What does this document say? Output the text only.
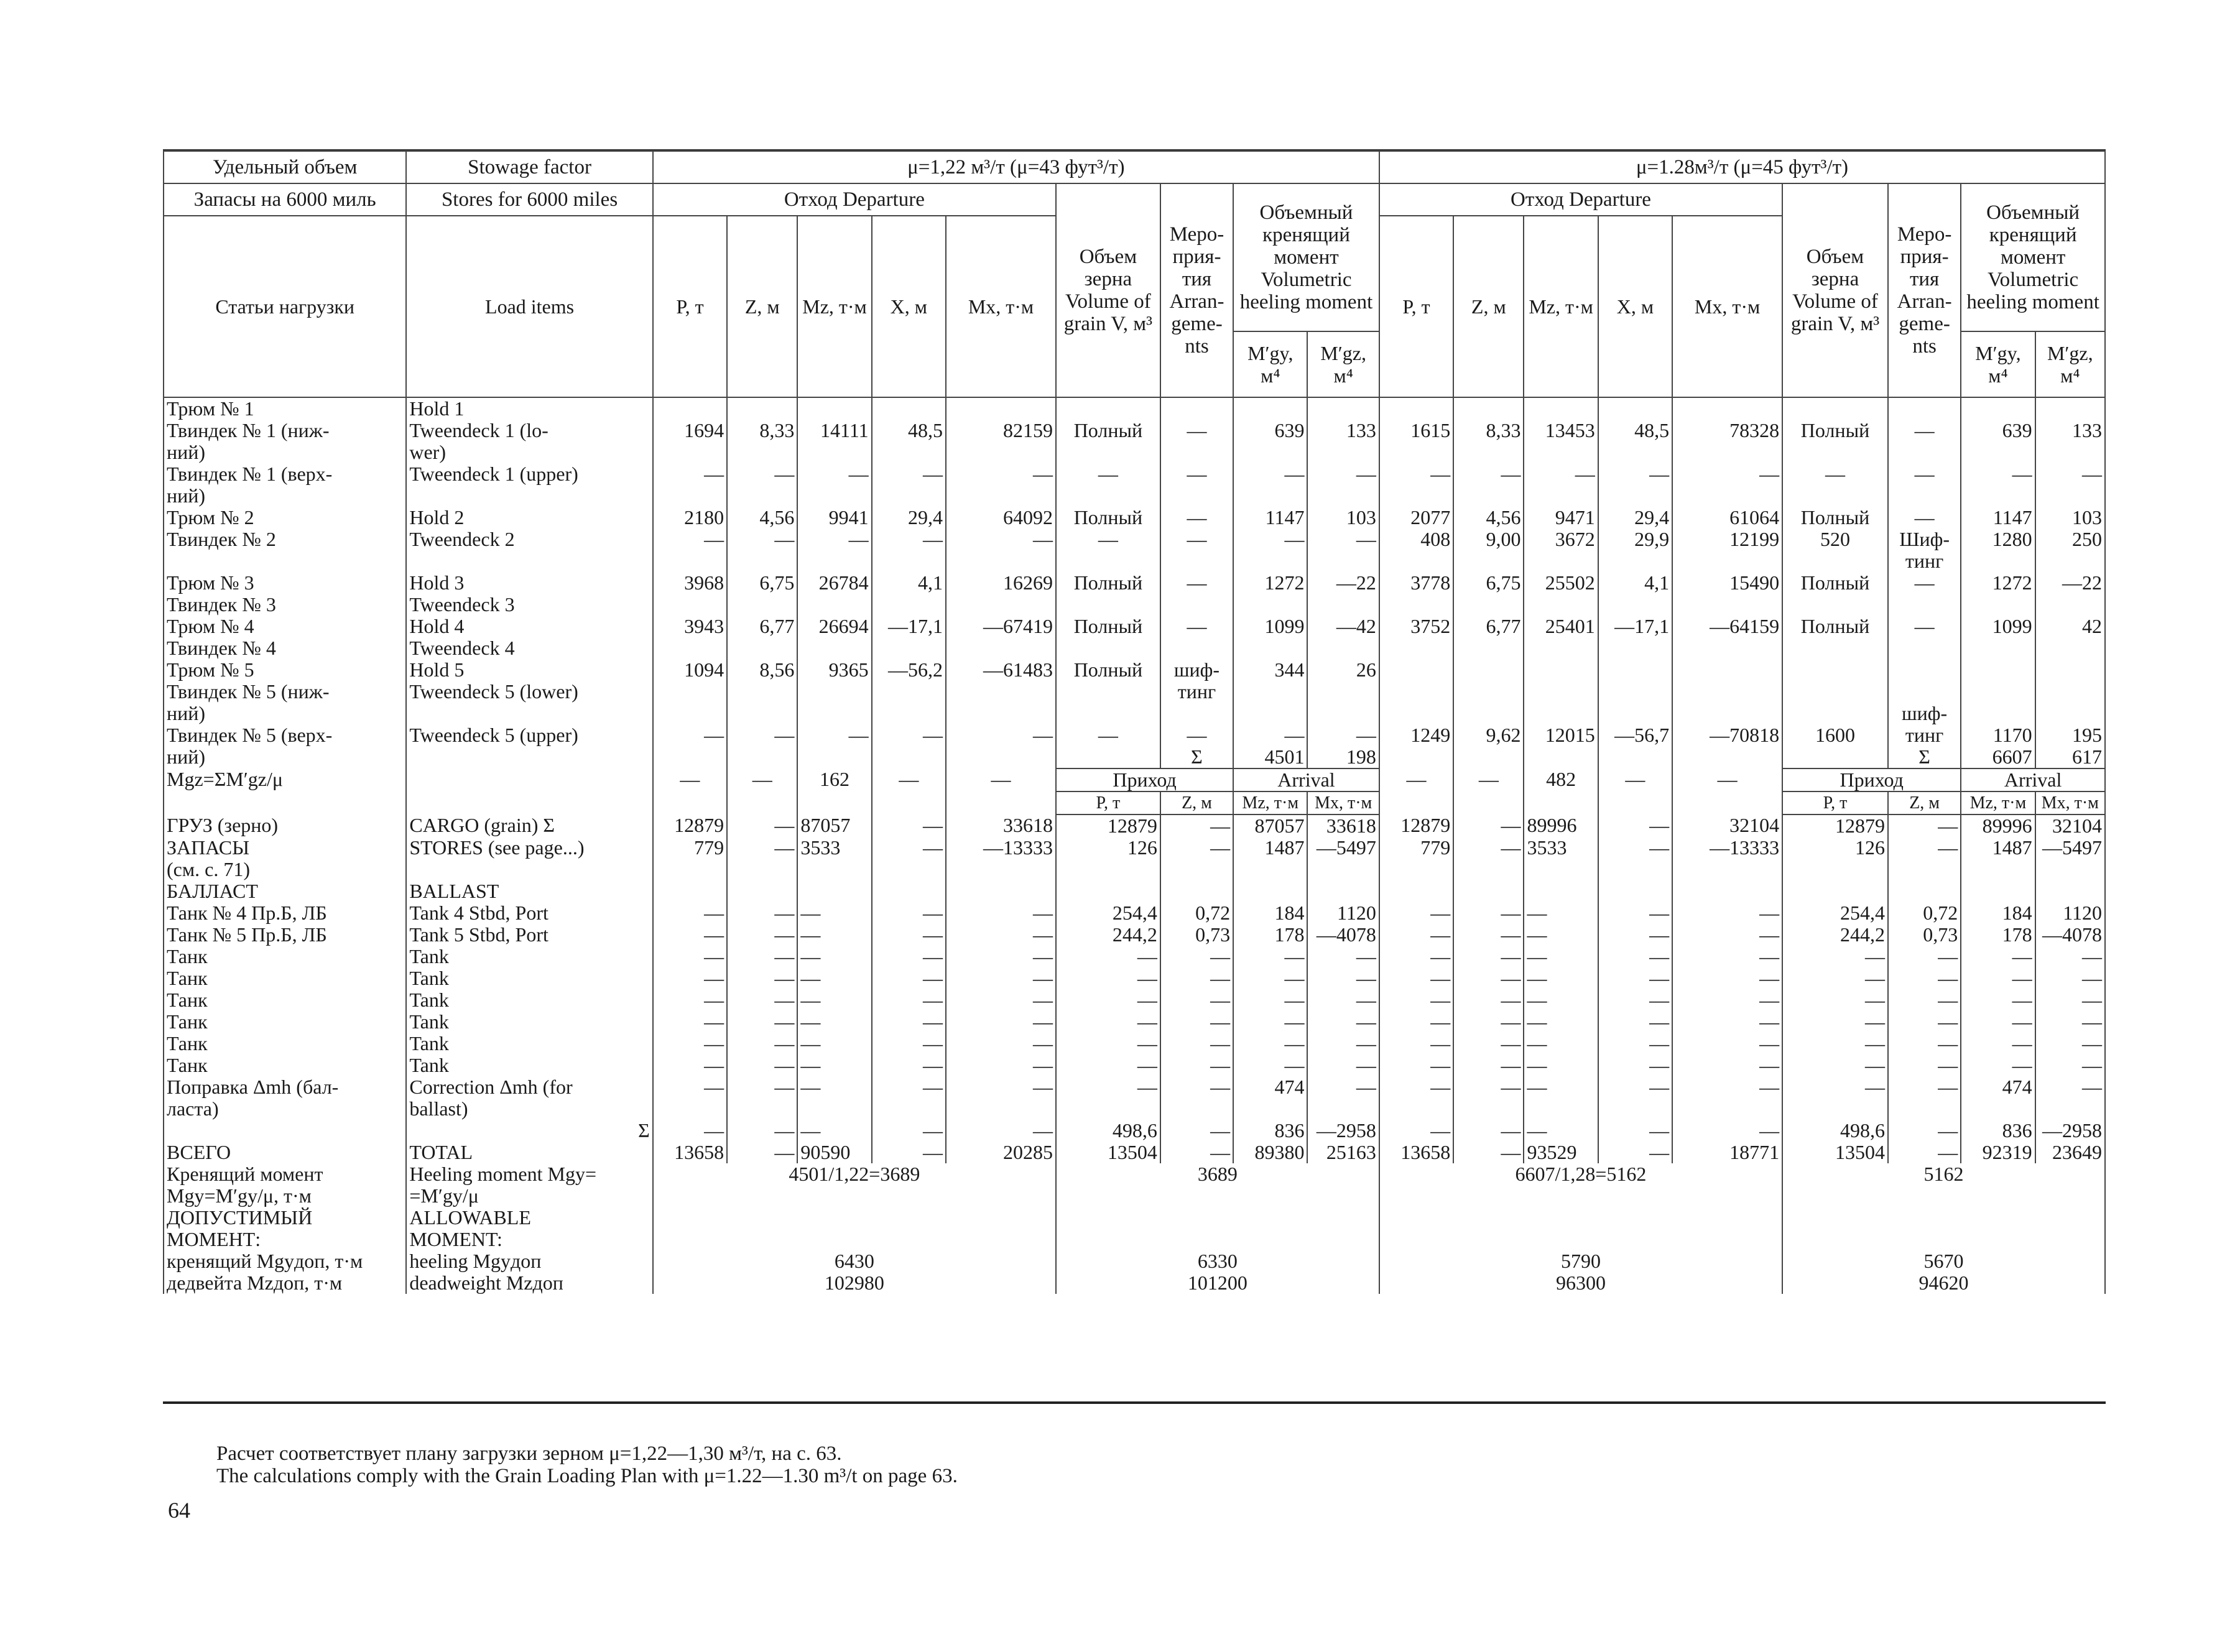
Удельный объем	Stowage factor	μ=1,22 м³/т (μ=43 фут³/т)									μ=1.28м³/т (μ=45 фут³/т)								
Запасы на 6000 миль	Stores for 6000 miles	Отход Departure					Объем зерна Volume of grain V, м³	Меро-прия-тия Arran-geme-nts	Объемный кренящий момент Volumetric heeling moment		Отход Departure					Объем зерна Volume of grain V, м³	Меро-прия-тия Arran-geme-nts	Объемный кренящий момент Volumetric heeling moment	
Статьи нагрузки	Load items	P, т	Z, м	Mz, т·м	X, м	Mx, т·м					P, т	Z, м	Mz, т·м	X, м	Mx, т·м				
									M′gy, м⁴	M′gz, м⁴								M′gy, м⁴	M′gz, м⁴
Трюм № 1	Hold 1																		
Твиндек № 1 (ниж-	Tweendeck 1 (lo-	1694	8,33	14111	48,5	82159	Полный	—	639	133	1615	8,33	13453	48,5	78328	Полный	—	639	133
ний)	wer)																		
Твиндек № 1 (верх-	Tweendeck 1 (upper)	—	—	—	—	—	—	—	—	—	—	—	—	—	—	—	—	—	—
ний)																			
Трюм № 2	Hold 2	2180	4,56	9941	29,4	64092	Полный	—	1147	103	2077	4,56	9471	29,4	61064	Полный	—	1147	103
Твиндек № 2	Tweendeck 2	—	—	—	—	—	—	—	—	—	408	9,00	3672	29,9	12199	520	Шиф-	1280	250
																	тинг		
Трюм № 3	Hold 3	3968	6,75	26784	4,1	16269	Полный	—	1272	—22	3778	6,75	25502	4,1	15490	Полный	—	1272	—22
Твиндек № 3	Tweendeck 3																		
Трюм № 4	Hold 4	3943	6,77	26694	—17,1	—67419	Полный	—	1099	—42	3752	6,77	25401	—17,1	—64159	Полный	—	1099	42
Твиндек № 4	Tweendeck 4																		
Трюм № 5	Hold 5	1094	8,56	9365	—56,2	—61483	Полный	шиф-	344	26									
Твиндек № 5 (ниж-	Tweendeck 5 (lower)							тинг											
ний)																	шиф-		
Твиндек № 5 (верх-	Tweendeck 5 (upper)	—	—	—	—	—	—	—	—	—	1249	9,62	12015	—56,7	—70818	1600	тинг	1170	195
ний)								Σ	4501	198							Σ	6607	617
Mgz=ΣM′gz/μ		—	—	162	—	—	Приход		Arrival		—	—	482	—	—	Приход		Arrival	
							P, т	Z, м	Mz, т·м	Mx, т·м						P, т	Z, м	Mz, т·м	Mx, т·м
ГРУЗ (зерно)	CARGO (grain) Σ	12879	—	87057	—	33618	12879	—	87057	33618	12879	—	89996	—	32104	12879	—	89996	32104
ЗАПАСЫ	STORES (see page...)	779	—	3533	—	—13333	126	—	1487	—5497	779	—	3533	—	—13333	126	—	1487	—5497
(см. с. 71)																			
БАЛЛАСТ	BALLAST																		
Танк № 4 Пр.Б, ЛБ	Tank 4 Stbd, Port	—	—	—	—	—	254,4	0,72	184	1120	—	—	—	—	—	254,4	0,72	184	1120
Танк № 5 Пр.Б, ЛБ	Tank 5 Stbd, Port	—	—	—	—	—	244,2	0,73	178	—4078	—	—	—	—	—	244,2	0,73	178	—4078
Танк	Tank	—	—	—	—	—	—	—	—	—	—	—	—	—	—	—	—	—	—
Танк	Tank	—	—	—	—	—	—	—	—	—	—	—	—	—	—	—	—	—	—
Танк	Tank	—	—	—	—	—	—	—	—	—	—	—	—	—	—	—	—	—	—
Танк	Tank	—	—	—	—	—	—	—	—	—	—	—	—	—	—	—	—	—	—
Танк	Tank	—	—	—	—	—	—	—	—	—	—	—	—	—	—	—	—	—	—
Танк	Tank	—	—	—	—	—	—	—	—	—	—	—	—	—	—	—	—	—	—
Поправка Δmh (бал-	Correction Δmh (for	—	—	—	—	—	—	—	474	—	—	—	—	—	—	—	—	474	—
ласта)	ballast)																		
	Σ	—	—	—	—	—	498,6	—	836	—2958	—	—	—	—	—	498,6	—	836	—2958
ВСЕГО	TOTAL	13658	—	90590	—	20285	13504	—	89380	25163	13658	—	93529	—	18771	13504	—	92319	23649
Кренящий момент	Heeling moment Mgy=	4501/1,22=3689					3689				6607/1,28=5162					5162			
Mgy=M′gy/μ, т·м	=M′gy/μ																		
ДОПУСТИМЫЙ	ALLOWABLE																		
МОМЕНТ:	MOMENT:																		
кренящий Mgyдоп, т·м	heeling Mgyдоп	6430					6330				5790					5670			
дедвейта Mzдоп, т·м	deadweight Mzдоп	102980					101200				96300					94620			
Расчет соответствует плану загрузки зерном μ=1,22—1,30 м³/т, на с. 63.
The calculations comply with the Grain Loading Plan with μ=1.22—1.30 m³/t on page 63.
64
